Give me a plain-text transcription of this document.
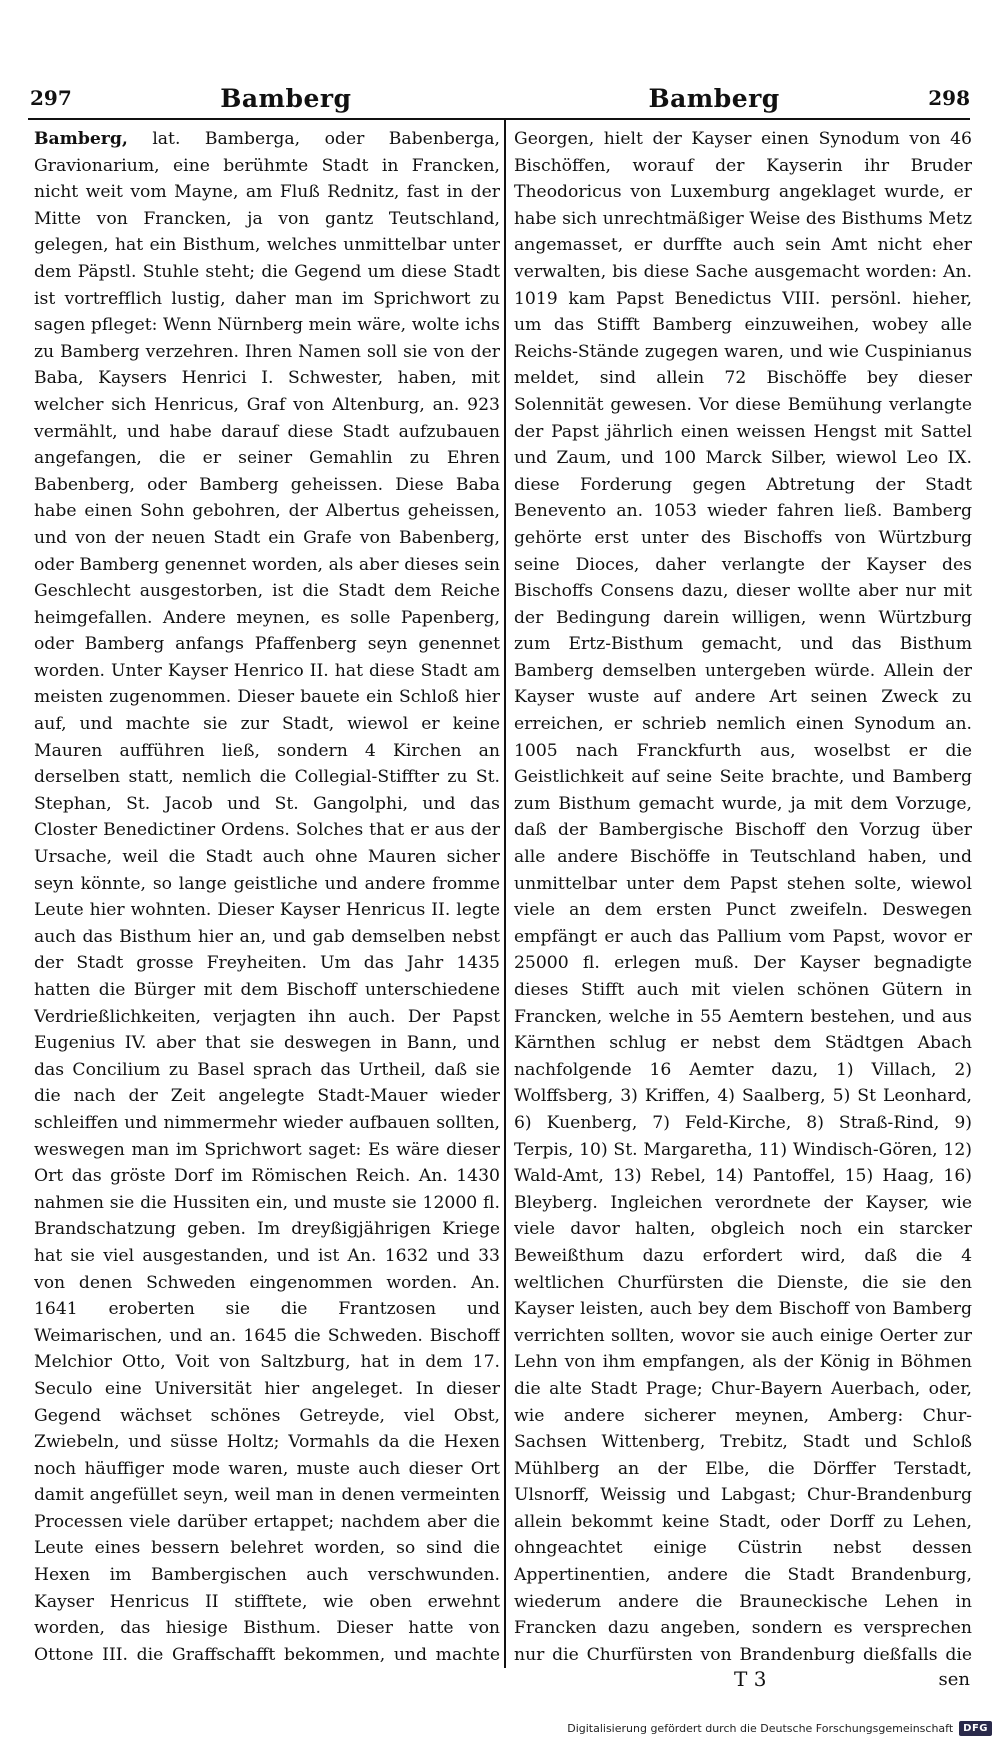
297	Bamberg	Bamberg	298

Bamberg, lat. Bamberga, oder Babenberga, Gravionarium, eine berühmte Stadt in Francken, nicht weit vom Mayne, am Fluß Rednitz, fast in der Mitte von Francken, ja von gantz Teutschland, gelegen, hat ein Bisthum, welches unmittelbar unter dem Päpstl. Stuhle steht; die Gegend um diese Stadt ist vortrefflich lustig, daher man im Sprichwort zu sagen pfleget: Wenn Nürnberg mein wäre, wolte ichs zu Bamberg verzehren. Ihren Namen soll sie von der Baba, Kaysers Henrici I. Schwester, haben, mit welcher sich Henricus, Graf von Altenburg, an. 923 vermählt, und habe darauf diese Stadt aufzubauen angefangen, die er seiner Gemahlin zu Ehren Babenberg, oder Bamberg geheissen. Diese Baba habe einen Sohn gebohren, der Albertus geheissen, und von der neuen Stadt ein Grafe von Babenberg, oder Bamberg genennet worden, als aber dieses sein Geschlecht ausgestorben, ist die Stadt dem Reiche heimgefallen. Andere meynen, es solle Papenberg, oder Bamberg anfangs Pfaffenberg seyn genennet worden. Unter Kayser Henrico II. hat diese Stadt am meisten zugenommen. Dieser bauete ein Schloß hier auf, und machte sie zur Stadt, wiewol er keine Mauren aufführen ließ, sondern 4 Kirchen an derselben statt, nemlich die Collegial-Stiffter zu St. Stephan, St. Jacob und St. Gangolphi, und das Closter Benedictiner Ordens. Solches that er aus der Ursache, weil die Stadt auch ohne Mauren sicher seyn könnte, so lange geistliche und andere fromme Leute hier wohnten. Dieser Kayser Henricus II. legte auch das Bisthum hier an, und gab demselben nebst der Stadt grosse Freyheiten. Um das Jahr 1435 hatten die Bürger mit dem Bischoff unterschiedene Verdrießlichkeiten, verjagten ihn auch. Der Papst Eugenius IV. aber that sie deswegen in Bann, und das Concilium zu Basel sprach das Urtheil, daß sie die nach der Zeit angelegte Stadt-Mauer wieder schleiffen und nimmermehr wieder aufbauen sollten, weswegen man im Sprichwort saget: Es wäre dieser Ort das gröste Dorf im Römischen Reich. An. 1430 nahmen sie die Hussiten ein, und muste sie 12000 fl. Brandschatzung geben. Im dreyßigjährigen Kriege hat sie viel ausgestanden, und ist An. 1632 und 33 von denen Schweden eingenommen worden. An. 1641 eroberten sie die Frantzosen und Weimarischen, und an. 1645 die Schweden. Bischoff Melchior Otto, Voit von Saltzburg, hat in dem 17. Seculo eine Universität hier angeleget. In dieser Gegend wächset schönes Getreyde, viel Obst, Zwiebeln, und süsse Holtz; Vormahls da die Hexen noch häuffiger mode waren, muste auch dieser Ort damit angefüllet seyn, weil man in denen vermeinten Processen viele darüber ertappet; nachdem aber die Leute eines bessern belehret worden, so sind die Hexen im Bambergischen auch verschwunden. Kayser Henricus II stifftete, wie oben erwehnt worden, das hiesige Bisthum. Dieser hatte von Ottone III. die Graffschafft bekommen, und machte

Georgen, hielt der Kayser einen Synodum von 46 Bischöffen, worauf der Kayserin ihr Bruder Theodoricus von Luxemburg angeklaget wurde, er habe sich unrechtmäßiger Weise des Bisthums Metz angemasset, er durffte auch sein Amt nicht eher verwalten, bis diese Sache ausgemacht worden: An. 1019 kam Papst Benedictus VIII. persönl. hieher, um das Stifft Bamberg einzuweihen, wobey alle Reichs-Stände zugegen waren, und wie Cuspinianus meldet, sind allein 72 Bischöffe bey dieser Solennität gewesen. Vor diese Bemühung verlangte der Papst jährlich einen weissen Hengst mit Sattel und Zaum, und 100 Marck Silber, wiewol Leo IX. diese Forderung gegen Abtretung der Stadt Benevento an. 1053 wieder fahren ließ. Bamberg gehörte erst unter des Bischoffs von Würtzburg seine Dioces, daher verlangte der Kayser des Bischoffs Consens dazu, dieser wollte aber nur mit der Bedingung darein willigen, wenn Würtzburg zum Ertz-Bisthum gemacht, und das Bisthum Bamberg demselben untergeben würde. Allein der Kayser wuste auf andere Art seinen Zweck zu erreichen, er schrieb nemlich einen Synodum an. 1005 nach Franckfurth aus, woselbst er die Geistlichkeit auf seine Seite brachte, und Bamberg zum Bisthum gemacht wurde, ja mit dem Vorzuge, daß der Bambergische Bischoff den Vorzug über alle andere Bischöffe in Teutschland haben, und unmittelbar unter dem Papst stehen solte, wiewol viele an dem ersten Punct zweifeln. Deswegen empfängt er auch das Pallium vom Papst, wovor er 25000 fl. erlegen muß. Der Kayser begnadigte dieses Stifft auch mit vielen schönen Gütern in Francken, welche in 55 Aemtern bestehen, und aus Kärnthen schlug er nebst dem Städtgen Abach nachfolgende 16 Aemter dazu, 1) Villach, 2) Wolffsberg, 3) Kriffen, 4) Saalberg, 5) St Leonhard, 6) Kuenberg, 7) Feld-Kirche, 8) Straß-Rind, 9) Terpis, 10) St. Margaretha, 11) Windisch-Gören, 12) Wald-Amt, 13) Rebel, 14) Pantoffel, 15) Haag, 16) Bleyberg. Ingleichen verordnete der Kayser, wie viele davor halten, obgleich noch ein starcker Beweißthum dazu erfordert wird, daß die 4 weltlichen Churfürsten die Dienste, die sie den Kayser leisten, auch bey dem Bischoff von Bamberg verrichten sollten, wovor sie auch einige Oerter zur Lehn von ihm empfangen, als der König in Böhmen die alte Stadt Prage; Chur-Bayern Auerbach, oder, wie andere sicherer meynen, Amberg: Chur-Sachsen Wittenberg, Trebitz, Stadt und Schloß Mühlberg an der Elbe, die Dörffer Terstadt, Ulsnorff, Weissig und Labgast; Chur-Brandenburg allein bekommt keine Stadt, oder Dorff zu Lehen, ohngeachtet einige Cüstrin nebst dessen Appertinentien, andere die Stadt Brandenburg, wiederum andere die Brauneckische Lehen in Francken dazu angeben, sondern es versprechen nur die Churfürsten von Brandenburg dießfalls die

T 3	sen
Digitalisierung gefördert durch die Deutsche Forschungsgemeinschaft	DFG
